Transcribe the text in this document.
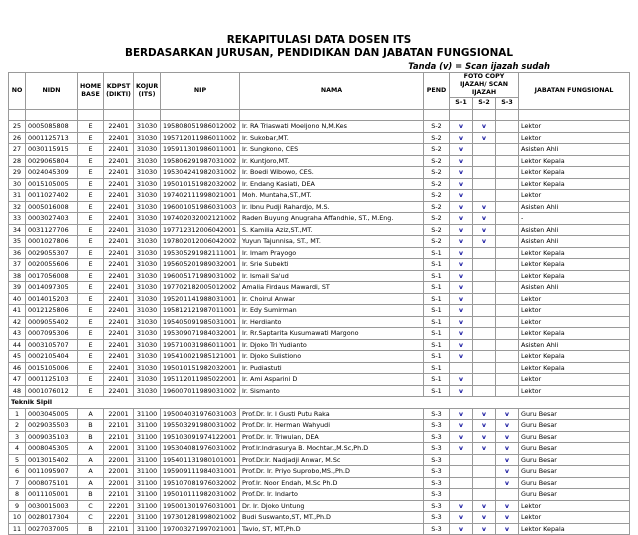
REKAPITULASI DATA DOSEN ITS
BERDASARKAN JURUSAN, PENDIDIKAN DAN JABATAN FUNGSIONAL
Tanda (v) = Scan ijazah sudah
NO	NIDN	HOME BASE	KDPST (DIKTI)	KOJUR (ITS)	NIP	NAMA	PEND	FOTO COPY IJAZAH/ SCAN IJAZAH			JABATAN FUNGSIONAL
								S-1	S-2	S-3	

25	0005085808	E	22401	31030	195808051986012002	Ir. RA Triaswati Moeljono N,M.Kes	S-2	v	v		Lektor
26	0001125713	E	22401	31030	195712011986011002	Ir. Sukobar,MT.	S-2	v	v		Lektor
27	0030115915	E	22401	31030	195911301986011001	Ir. Sungkono, CES	S-2	v			Asisten Ahli
28	0029065804	E	22401	31030	195806291987031002	Ir. Kuntjoro,MT.	S-2	v			Lektor Kepala
29	0024045309	E	22401	31030	195304241982031002	Ir. Boedi Wibowo, CES.	S-2	v			Lektor Kepala
30	0015105005	E	22401	31030	195010151982032002	Ir. Endang Kasiati, DEA	S-2	v			Lektor Kepala
31	0011027402	E	22401	31030	197402111998021001	Moh. Muntaha,ST.,MT.	S-2	v			Lektor
32	0005016008	E	22401	31030	196001051986031003	Ir. Ibnu Pudji Rahardjo, M.S.	S-2	v	v		Asisten Ahli
33	0003027403	E	22401	31030	197402032002121002	Raden Buyung Anugraha Affandhie, ST., M.Eng.	S-2	v	v		-
34	0031127706	E	22401	31030	197712312006042001	S. Kamilia Aziz,ST.,MT.	S-2	v	v		Asisten Ahli
35	0001027806	E	22401	31030	197802012006042002	Yuyun Tajunnisa, ST., MT.	S-2	v	v		Asisten Ahli
36	0029055307	E	22401	31030	195305291982111001	Ir. Imam Prayogo	S-1	v			Lektor Kepala
37	0020055606	E	22401	31030	195605201989032001	Ir. Srie Subekti	S-1	v			Lektor Kepala
38	0017056008	E	22401	31030	196005171989031002	Ir. Ismail Sa'ud	S-1	v			Lektor Kepala
39	0014097305	E	22401	31030	197702182005012002	Amalia Firdaus Mawardi, ST	S-1	v			Asisten Ahli
40	0014015203	E	22401	31030	195201141988031001	Ir. Choirul Anwar	S-1	v			Lektor
41	0012125806	E	22401	31030	195812121987011001	Ir. Edy Sumirman	S-1	v			Lektor
42	0009055402	E	22401	31030	195405091985031001	Ir. Herdianto	S-1	v			Lektor
43	0007095306	E	22401	31030	195309071984032001	Ir. Rr.Saptarita Kusumawati Margono	S-1	v			Lektor Kepala
44	0003105707	E	22401	31030	195710031986011001	Ir. Djoko Tri Yudianto	S-1	v			Asisten Ahli
45	0002105404	E	22401	31030	195410021985121001	Ir. Djoko Sulistiono	S-1	v			Lektor Kepala
46	0015105006	E	22401	31030	195010151982032001	Ir. Pudiastuti	S-1				Lektor Kepala
47	0001125103	E	22401	31030	195112011985022001	Ir. Ami Asparini D	S-1	v			Lektor
48	0001076012	E	22401	31030	196007011989031002	Ir. Sismanto	S-1	v			Lektor
Teknik Sipil											
1	0003045005	A	22001	31100	195004031976031003	Prof.Dr. Ir. I Gusti Putu Raka	S-3	v	v	v	Guru Besar
2	0029035503	B	22101	31100	195503291980031002	Prof.Dr. Ir. Herman Wahyudi	S-3	v	v	v	Guru Besar
3	0009035103	B	22101	31100	195103091974122001	Prof.Dr. Ir. Triwulan, DEA	S-3	v	v	v	Guru Besar
4	0008045305	A	22001	31100	195304081976031002	Prof.Ir.Indrasurya B. Mochtar.,M.Sc,Ph.D	S-3	v	v	v	Guru Besar
5	0013015402	A	22001	31100	195401131980101001	Prof.Dr.Ir. Nadjadji Anwar, M.Sc	S-3			v	Guru Besar
6	0011095907	A	22001	31100	195909111984031001	Prof.Dr. Ir. Priyo Suprobo,MS.,Ph.D	S-3			v	Guru Besar
7	0008075101	A	22001	31100	195107081976032002	Prof.Ir. Noor Endah, M.Sc Ph.D	S-3			v	Guru Besar
8	0011105001	B	22101	31100	195010111982031002	Prof.Dr. Ir. Indarto	S-3				Guru Besar
9	0030015003	C	22201	31100	195001301976031001	Dr. Ir. Djoko Untung	S-3	v	v	v	Lektor
10	0028017304	C	22201	31100	197301281998021002	Budi Suswanto,ST, MT.,Ph.D	S-3	v	v	v	Lektor
11	0027037005	B	22101	31100	197003271997021001	Tavio, ST, MT,Ph.D	S-3	v	v	v	Lektor Kepala
